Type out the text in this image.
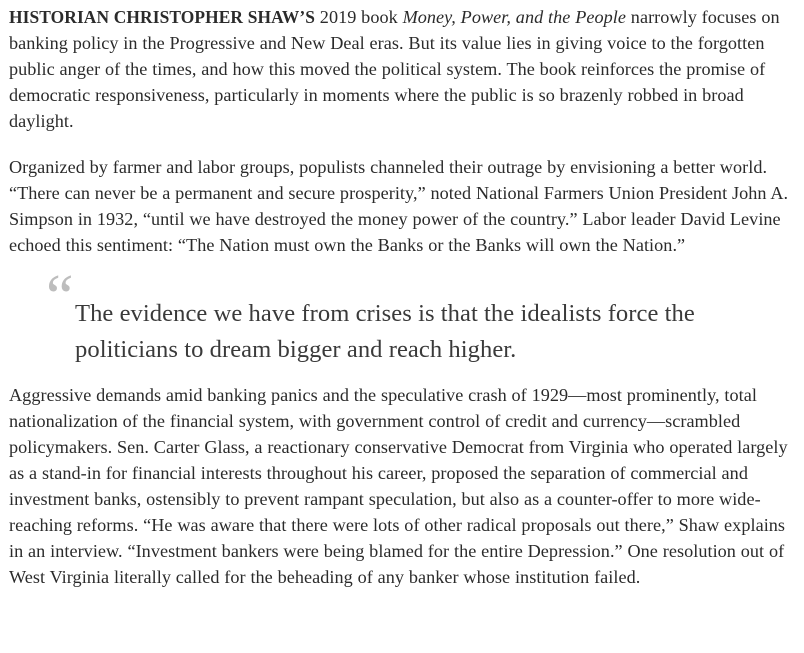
HISTORIAN CHRISTOPHER SHAW’S 2019 book Money, Power, and the People narrowly focuses on banking policy in the Progressive and New Deal eras. But its value lies in giving voice to the forgotten public anger of the times, and how this moved the political system. The book reinforces the promise of democratic responsiveness, particularly in moments where the public is so brazenly robbed in broad daylight.

Organized by farmer and labor groups, populists channeled their outrage by envisioning a better world. “There can never be a permanent and secure prosperity,” noted National Farmers Union President John A. Simpson in 1932, “until we have destroyed the money power of the country.” Labor leader David Levine echoed this sentiment: “The Nation must own the Banks or the Banks will own the Nation.”

“ The evidence we have from crises is that the idealists force the politicians to dream bigger and reach higher.

Aggressive demands amid banking panics and the speculative crash of 1929—most prominently, total nationalization of the financial system, with government control of credit and currency—scrambled policymakers. Sen. Carter Glass, a reactionary conservative Democrat from Virginia who operated largely as a stand-in for financial interests throughout his career, proposed the separation of commercial and investment banks, ostensibly to prevent rampant speculation, but also as a counter-offer to more wide-reaching reforms. “He was aware that there were lots of other radical proposals out there,” Shaw explains in an interview. “Investment bankers were being blamed for the entire Depression.” One resolution out of West Virginia literally called for the beheading of any banker whose institution failed.
